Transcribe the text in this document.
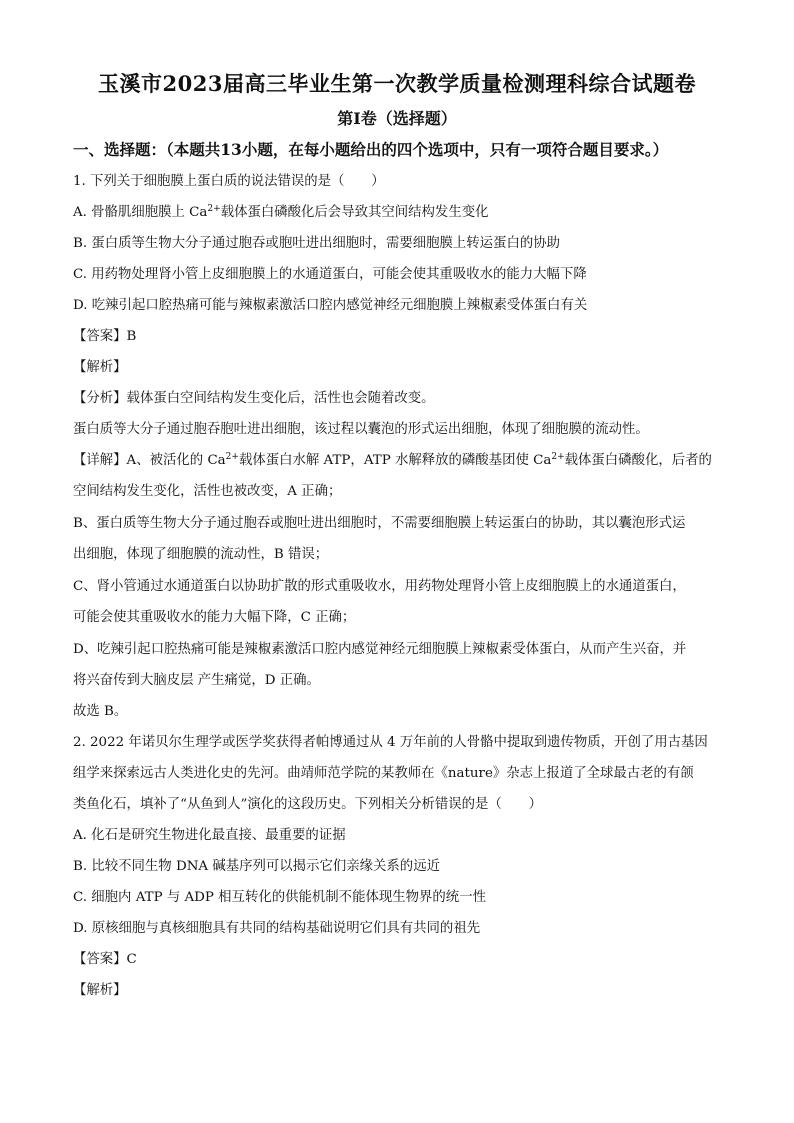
玉溪市2023届高三毕业生第一次教学质量检测理科综合试题卷
第Ⅰ卷（选择题）
一、选择题：（本题共13小题，在每小题给出的四个选项中，只有一项符合题目要求。）
1. 下列关于细胞膜上蛋白质的说法错误的是（　　）
A. 骨骼肌细胞膜上 $Ca^{2+}$载体蛋白磷酸化后会导致其空间结构发生变化
B. 蛋白质等生物大分子通过胞吞或胞吐进出细胞时，需要细胞膜上转运蛋白的协助
C. 用药物处理肾小管上皮细胞膜上的水通道蛋白，可能会使其重吸收水的能力大幅下降
D. 吃辣引起口腔热痛可能与辣椒素激活口腔内感觉神经元细胞膜上辣椒素受体蛋白有关
【答案】B
【解析】
【分析】载体蛋白空间结构发生变化后，活性也会随着改变。
蛋白质等大分子通过胞吞胞吐进出细胞，该过程以囊泡的形式运出细胞，体现了细胞膜的流动性。
【详解】A、被活化的 $Ca^{2+}$载体蛋白水解 ATP，ATP 水解释放的磷酸基团使 $Ca^{2+}$载体蛋白磷酸化，后者的
空间结构发生变化，活性也被改变，A 正确；
B、蛋白质等生物大分子通过胞吞或胞吐进出细胞时，不需要细胞膜上转运蛋白的协助，其以囊泡形式运
出细胞，体现了细胞膜的流动性，B 错误；
C、肾小管通过水通道蛋白以协助扩散的形式重吸收水，用药物处理肾小管上皮细胞膜上的水通道蛋白，
可能会使其重吸收水的能力大幅下降，C 正确；
D、吃辣引起口腔热痛可能是辣椒素激活口腔内感觉神经元细胞膜上辣椒素受体蛋白，从而产生兴奋，并
将兴奋传到大脑皮层 产生痛觉，D 正确。
故选 B。
2. 2022 年诺贝尔生理学或医学奖获得者帕博通过从 4 万年前的人骨骼中提取到遗传物质，开创了用古基因
组学来探索远古人类进化史的先河。曲靖师范学院的某教师在《nature》杂志上报道了全球最古老的有颌
类鱼化石，填补了“从鱼到人”演化的这段历史。下列相关分析错误的是（　　）
A. 化石是研究生物进化最直接、最重要的证据
B. 比较不同生物 DNA 碱基序列可以揭示它们亲缘关系的远近
C. 细胞内 ATP 与 ADP 相互转化的供能机制不能体现生物界的统一性
D. 原核细胞与真核细胞具有共同的结构基础说明它们具有共同的祖先
【答案】C
【解析】
